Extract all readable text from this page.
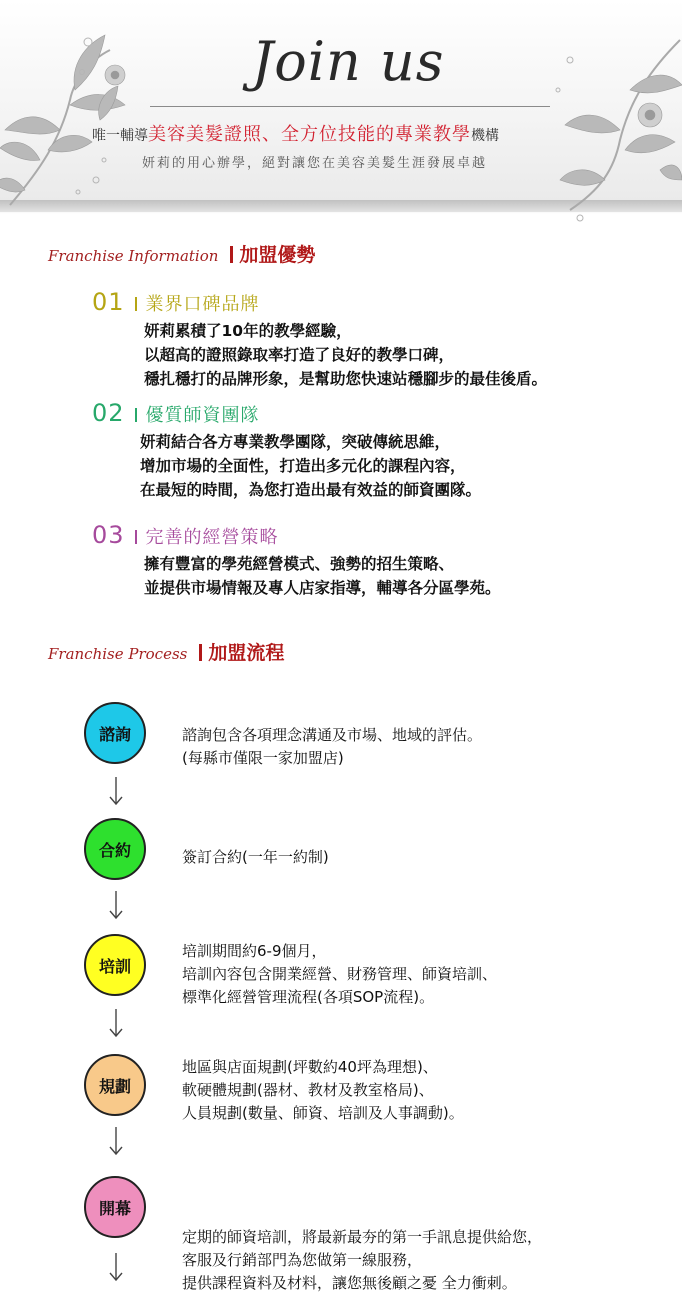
Join us
唯一輔導美容美髮證照、全方位技能的專業教學機構
妍莉的用心辦學，絕對讓您在美容美髮生涯發展卓越
Franchise Information 加盟優勢
01 業界口碑品牌
妍莉累積了10年的教學經驗，
以超高的證照錄取率打造了良好的教學口碑，
穩扎穩打的品牌形象，是幫助您快速站穩腳步的最佳後盾。
02 優質師資團隊
妍莉結合各方專業教學團隊，突破傳統思維，
增加市場的全面性，打造出多元化的課程內容，
在最短的時間，為您打造出最有效益的師資團隊。
03 完善的經營策略
擁有豐富的學苑經營模式、強勢的招生策略、
並提供市場情報及專人店家指導，輔導各分區學苑。
Franchise Process 加盟流程
諮詢	諮詢包含各項理念溝通及市場、地域的評估。
(每縣市僅限一家加盟店)
合約	簽訂合約(一年一約制)
培訓
培訓期間約6-9個月，
培訓內容包含開業經營、財務管理、師資培訓、
標準化經營管理流程(各項SOP流程)。
規劃
地區與店面規劃(坪數約40坪為理想)、
軟硬體規劃(器材、教材及教室格局)、
人員規劃(數量、師資、培訓及人事調動)。
開幕
定期的師資培訓，將最新最夯的第一手訊息提供給您，
客服及行銷部門為您做第一線服務，
提供課程資料及材料，讓您無後顧之憂 全力衝刺。
